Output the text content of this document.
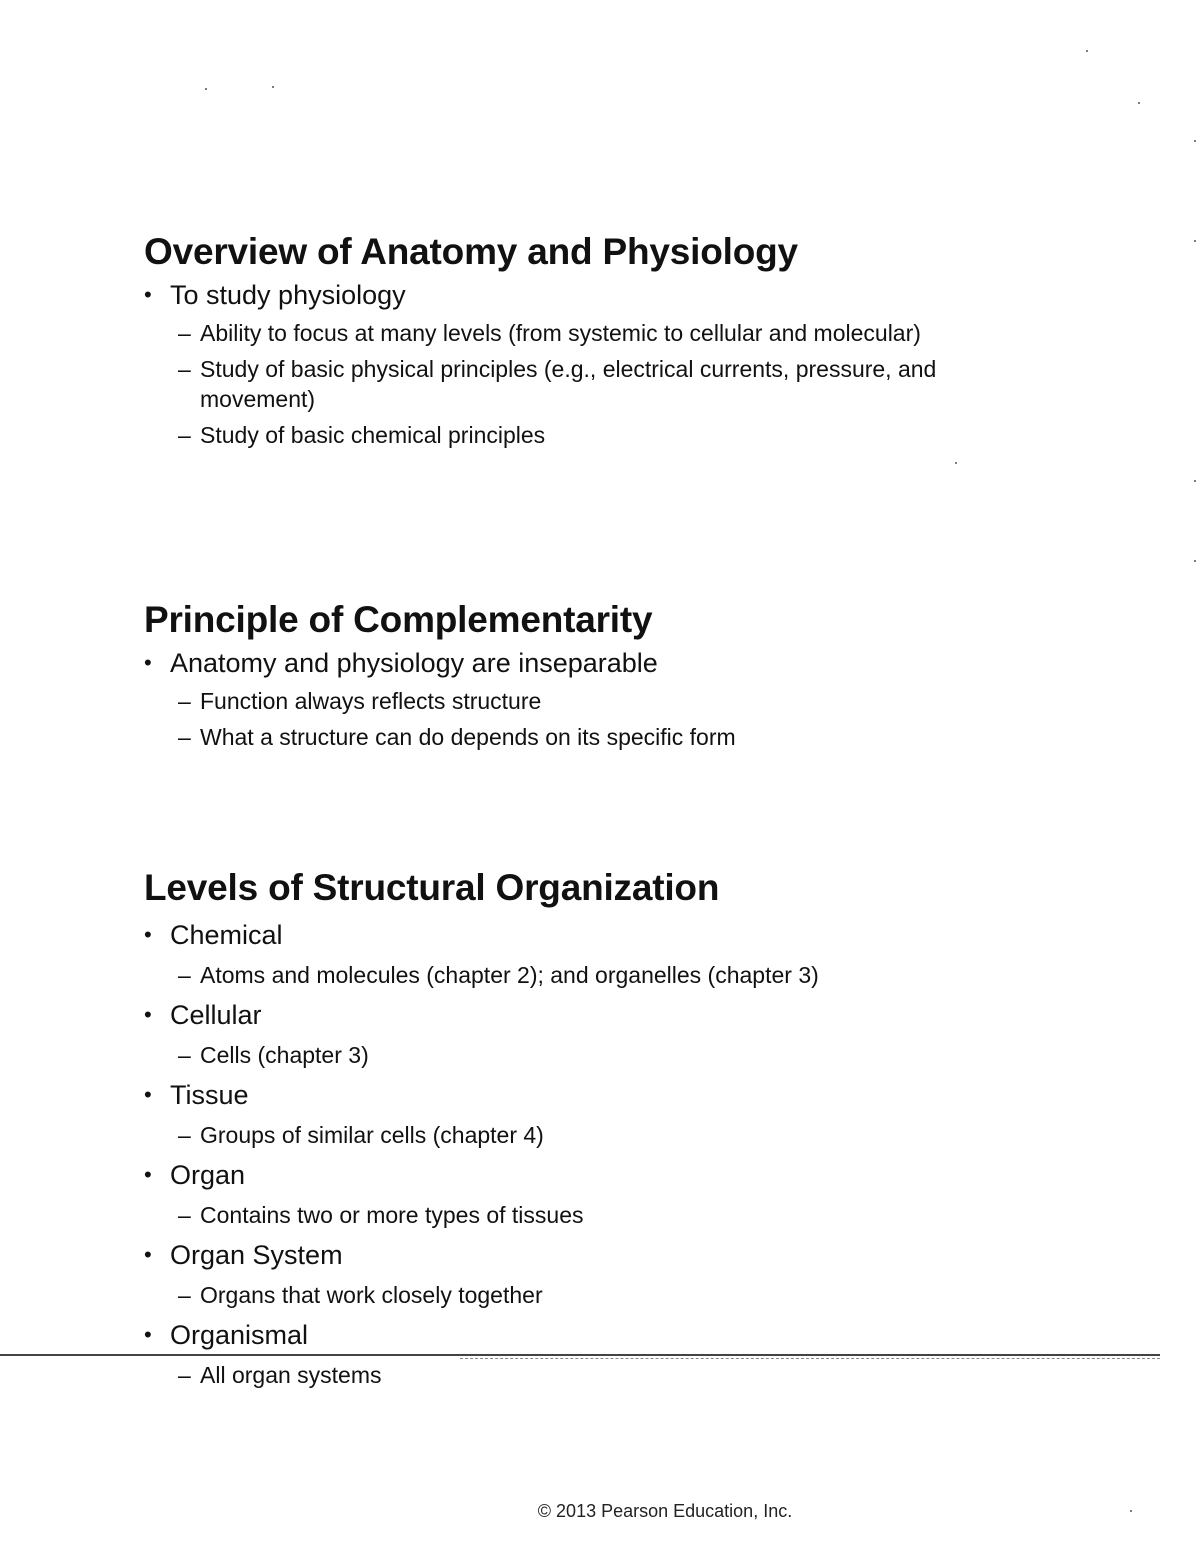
Overview of Anatomy and Physiology
• To study physiology
– Ability to focus at many levels (from systemic to cellular and molecular)
– Study of basic physical principles (e.g., electrical currents, pressure, and movement)
– Study of basic chemical principles
Principle of Complementarity
• Anatomy and physiology are inseparable
– Function always reflects structure
– What a structure can do depends on its specific form
Levels of Structural Organization
• Chemical
– Atoms and molecules (chapter 2); and organelles (chapter 3)
• Cellular
– Cells (chapter 3)
• Tissue
– Groups of similar cells (chapter 4)
• Organ
– Contains two or more types of tissues
• Organ System
– Organs that work closely together
• Organismal
– All organ systems
© 2013 Pearson Education, Inc.
